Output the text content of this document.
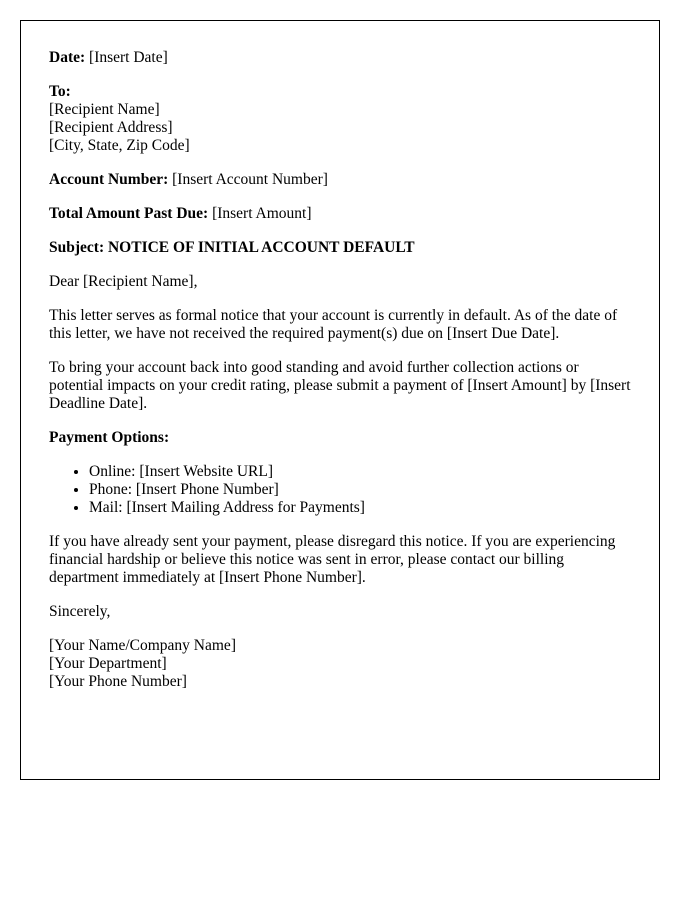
Date: [Insert Date]

To:
[Recipient Name]
[Recipient Address]
[City, State, Zip Code]

Account Number: [Insert Account Number]

Total Amount Past Due: [Insert Amount]

Subject: NOTICE OF INITIAL ACCOUNT DEFAULT

Dear [Recipient Name],

This letter serves as formal notice that your account is currently in default. As of the date of this letter, we have not received the required payment(s) due on [Insert Due Date].

To bring your account back into good standing and avoid further collection actions or potential impacts on your credit rating, please submit a payment of [Insert Amount] by [Insert Deadline Date].

Payment Options:

• Online: [Insert Website URL]
• Phone: [Insert Phone Number]
• Mail: [Insert Mailing Address for Payments]

If you have already sent your payment, please disregard this notice. If you are experiencing financial hardship or believe this notice was sent in error, please contact our billing department immediately at [Insert Phone Number].

Sincerely,

[Your Name/Company Name]
[Your Department]
[Your Phone Number]
